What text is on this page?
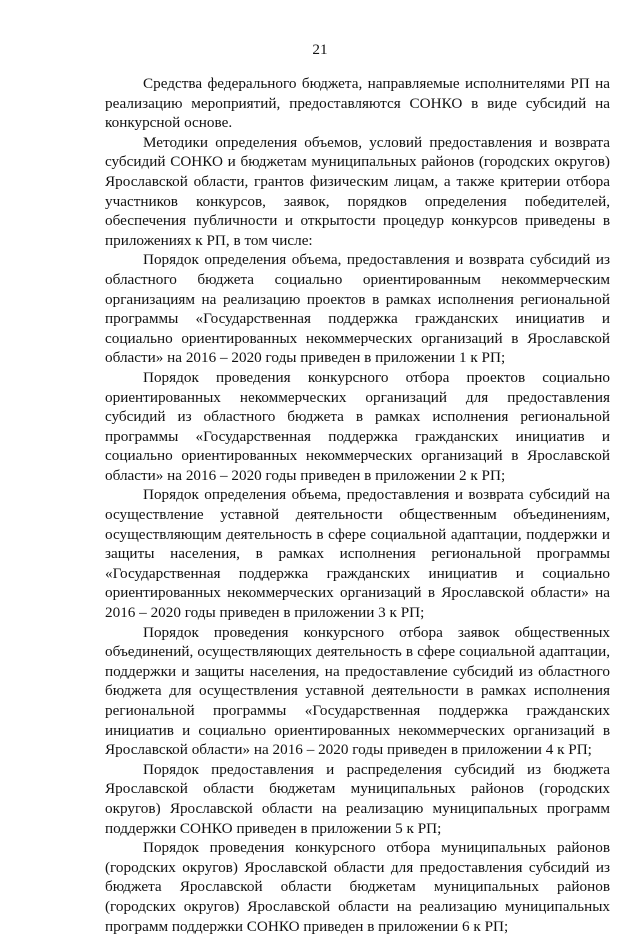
21

Средства федерального бюджета, направляемые исполнителями РП на реализацию мероприятий, предоставляются СОНКО в виде субсидий на конкурсной основе.

Методики определения объемов, условий предоставления и возврата субсидий СОНКО и бюджетам муниципальных районов (городских округов) Ярославской области, грантов физическим лицам, а также критерии отбора участников конкурсов, заявок, порядков определения победителей, обеспечения публичности и открытости процедур конкурсов приведены в приложениях к РП, в том числе:

Порядок определения объема, предоставления и возврата субсидий из областного бюджета социально ориентированным некоммерческим организациям на реализацию проектов в рамках исполнения региональной программы «Государственная поддержка гражданских инициатив и социально ориентированных некоммерческих организаций в Ярославской области» на 2016 – 2020 годы приведен в приложении 1 к РП;

Порядок проведения конкурсного отбора проектов социально ориентированных некоммерческих организаций для предоставления субсидий из областного бюджета в рамках исполнения региональной программы «Государственная поддержка гражданских инициатив и социально ориентированных некоммерческих организаций в Ярославской области» на 2016 – 2020 годы приведен в приложении 2 к РП;

Порядок определения объема, предоставления и возврата субсидий на осуществление уставной деятельности общественным объединениям, осуществляющим деятельность в сфере социальной адаптации, поддержки и защиты населения, в рамках исполнения региональной программы «Государственная поддержка гражданских инициатив и социально ориентированных некоммерческих организаций в Ярославской области» на 2016 – 2020 годы приведен в приложении 3 к РП;

Порядок проведения конкурсного отбора заявок общественных объединений, осуществляющих деятельность в сфере социальной адаптации, поддержки и защиты населения, на предоставление субсидий из областного бюджета для осуществления уставной деятельности в рамках исполнения региональной программы «Государственная поддержка гражданских инициатив и социально ориентированных некоммерческих организаций в Ярославской области» на 2016 – 2020 годы приведен в приложении 4 к РП;

Порядок предоставления и распределения субсидий из бюджета Ярославской области бюджетам муниципальных районов (городских округов) Ярославской области на реализацию муниципальных программ поддержки СОНКО приведен в приложении 5 к РП;

Порядок проведения конкурсного отбора муниципальных районов (городских округов) Ярославской области для предоставления субсидий из бюджета Ярославской области бюджетам муниципальных районов (городских округов) Ярославской области на реализацию муниципальных программ поддержки СОНКО приведен в приложении 6 к РП;
